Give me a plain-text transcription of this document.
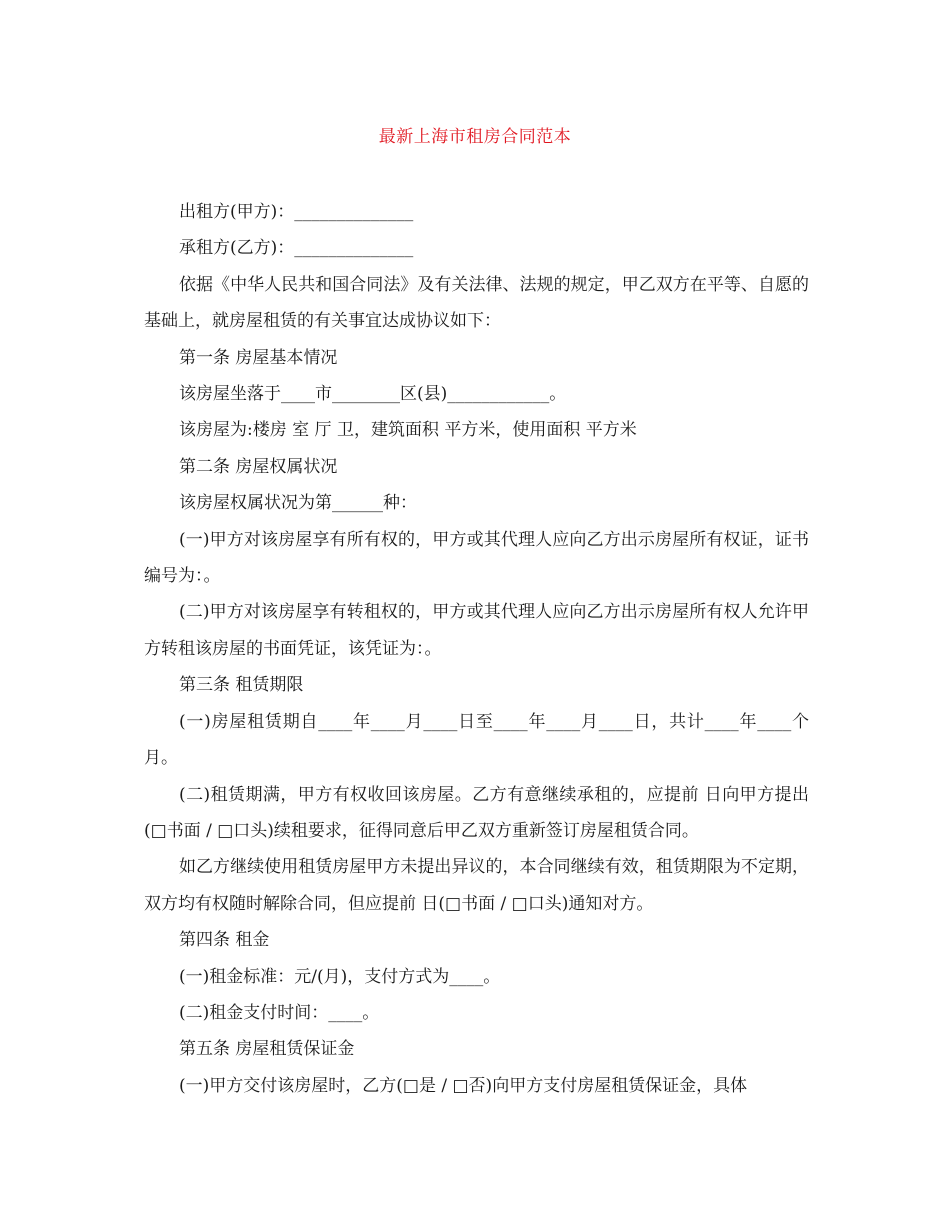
最新上海市租房合同范本

出租方(甲方)：______________

承租方(乙方)：______________

依据《中华人民共和国合同法》及有关法律、法规的规定，甲乙双方在平等、自愿的基础上，就房屋租赁的有关事宜达成协议如下：

第一条 房屋基本情况

该房屋坐落于____市________区(县)____________。

该房屋为:楼房 室 厅 卫，建筑面积 平方米，使用面积 平方米

第二条 房屋权属状况

该房屋权属状况为第______种：

(一)甲方对该房屋享有所有权的，甲方或其代理人应向乙方出示房屋所有权证，证书编号为：。

(二)甲方对该房屋享有转租权的，甲方或其代理人应向乙方出示房屋所有权人允许甲方转租该房屋的书面凭证，该凭证为：。

第三条 租赁期限

(一)房屋租赁期自____年____月____日至____年____月____日，共计____年____个月。

(二)租赁期满，甲方有权收回该房屋。乙方有意继续承租的，应提前 日向甲方提出(□书面 / □口头)续租要求，征得同意后甲乙双方重新签订房屋租赁合同。

如乙方继续使用租赁房屋甲方未提出异议的，本合同继续有效，租赁期限为不定期，双方均有权随时解除合同，但应提前 日(□书面 / □口头)通知对方。

第四条 租金

(一)租金标准：元/(月)，支付方式为____。

(二)租金支付时间：____。

第五条 房屋租赁保证金

(一)甲方交付该房屋时，乙方(□是 / □否)向甲方支付房屋租赁保证金，具体
